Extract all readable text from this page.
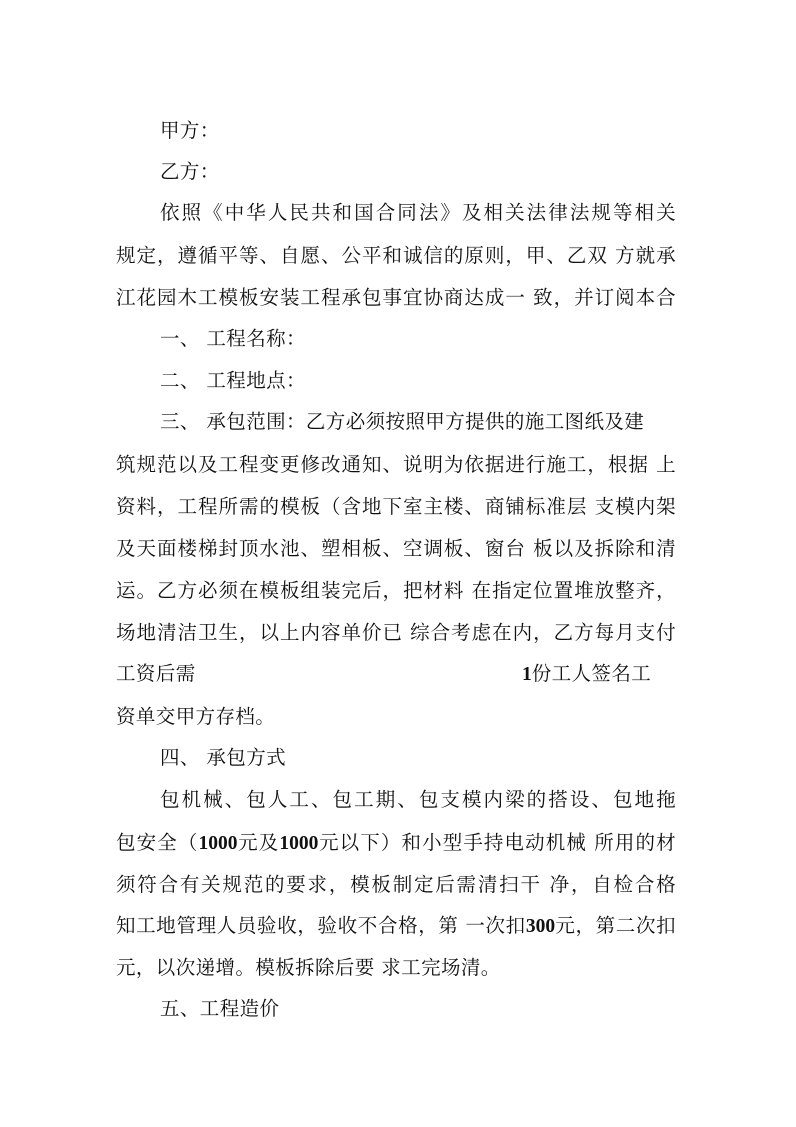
甲方：
乙方：
依照《中华人民共和国合同法》及相关法律法规等相关　
规定，遵循平等、自愿、公平和诚信的原则，甲、乙双 方就承
江花园木工模板安装工程承包事宜协商达成一 致，并订阅本合
一、 工程名称：
二、 工程地点：
三、 承包范围：乙方必须按照甲方提供的施工图纸及建
筑规范以及工程变更修改通知、说明为依据进行施工，根据 上
资料，工程所需的模板（含地下室主楼、商铺标准层 支模内架
及天面楼梯封顶水池、塑相板、空调板、窗台 板以及拆除和清
运。乙方必须在模板组装完后，把材料 在指定位置堆放整齐，
场地清洁卫生，以上内容单价已 综合考虑在内，乙方每月支付
工资后需	1份工人签名工
资单交甲方存档。
四、 承包方式
包机械、包人工、包工期、包支模内梁的搭设、包地拖　
包安全（1000元及1000元以下）和小型手持电动机械 所用的材
须符合有关规范的要求，模板制定后需清扫干 净，自检合格
知工地管理人员验收，验收不合格，第 一次扣300元，第二次扣
元，以次递增。模板拆除后要 求工完场清。
五、工程造价
